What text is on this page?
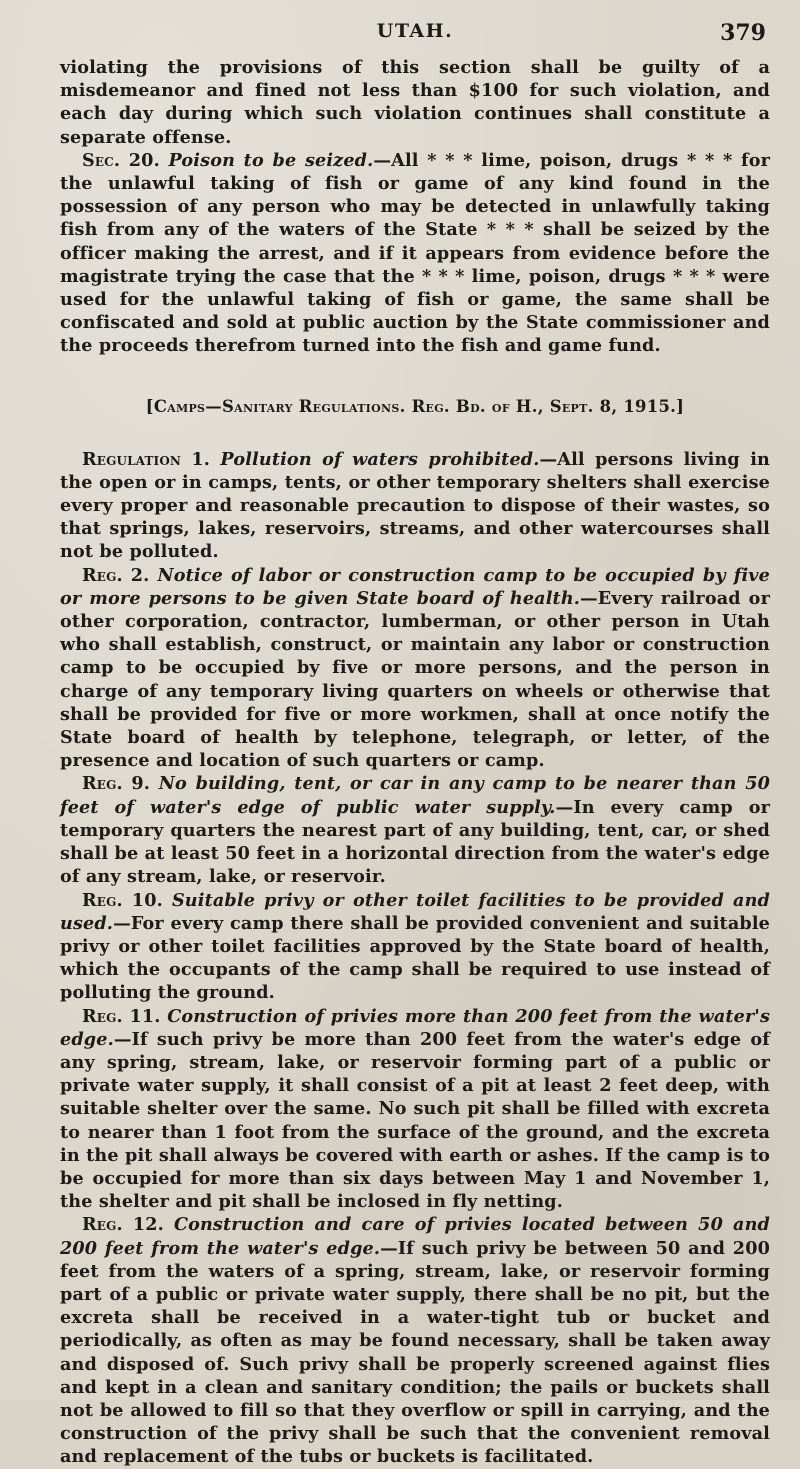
UTAH.	379

violating the provisions of this section shall be guilty of a misdemeanor and fined not less than $100 for such violation, and each day during which such violation continues shall constitute a separate offense.

Sec. 20. Poison to be seized.—All * * * lime, poison, drugs * * * for the unlawful taking of fish or game of any kind found in the possession of any person who may be detected in unlawfully taking fish from any of the waters of the State * * * shall be seized by the officer making the arrest, and if it appears from evidence before the magistrate trying the case that the * * * lime, poison, drugs * * * were used for the unlawful taking of fish or game, the same shall be confiscated and sold at public auction by the State commissioner and the proceeds therefrom turned into the fish and game fund.

[Camps—Sanitary Regulations. Reg. Bd. of H., Sept. 8, 1915.]

Regulation 1. Pollution of waters prohibited.—All persons living in the open or in camps, tents, or other temporary shelters shall exercise every proper and reasonable precaution to dispose of their wastes, so that springs, lakes, reservoirs, streams, and other watercourses shall not be polluted.

Reg. 2. Notice of labor or construction camp to be occupied by five or more persons to be given State board of health.—Every railroad or other corporation, contractor, lumberman, or other person in Utah who shall establish, construct, or maintain any labor or construction camp to be occupied by five or more persons, and the person in charge of any temporary living quarters on wheels or otherwise that shall be provided for five or more workmen, shall at once notify the State board of health by telephone, telegraph, or letter, of the presence and location of such quarters or camp.

Reg. 9. No building, tent, or car in any camp to be nearer than 50 feet of water's edge of public water supply.—In every camp or temporary quarters the nearest part of any building, tent, car, or shed shall be at least 50 feet in a horizontal direction from the water's edge of any stream, lake, or reservoir.

Reg. 10. Suitable privy or other toilet facilities to be provided and used.—For every camp there shall be provided convenient and suitable privy or other toilet facilities approved by the State board of health, which the occupants of the camp shall be required to use instead of polluting the ground.

Reg. 11. Construction of privies more than 200 feet from the water's edge.—If such privy be more than 200 feet from the water's edge of any spring, stream, lake, or reservoir forming part of a public or private water supply, it shall consist of a pit at least 2 feet deep, with suitable shelter over the same. No such pit shall be filled with excreta to nearer than 1 foot from the surface of the ground, and the excreta in the pit shall always be covered with earth or ashes. If the camp is to be occupied for more than six days between May 1 and November 1, the shelter and pit shall be inclosed in fly netting.

Reg. 12. Construction and care of privies located between 50 and 200 feet from the water's edge.—If such privy be between 50 and 200 feet from the waters of a spring, stream, lake, or reservoir forming part of a public or private water supply, there shall be no pit, but the excreta shall be received in a water-tight tub or bucket and periodically, as often as may be found necessary, shall be taken away and disposed of. Such privy shall be properly screened against flies and kept in a clean and sanitary condition; the pails or buckets shall not be allowed to fill so that they overflow or spill in carrying, and the construction of the privy shall be such that the convenient removal and replacement of the tubs or buckets is facilitated.
